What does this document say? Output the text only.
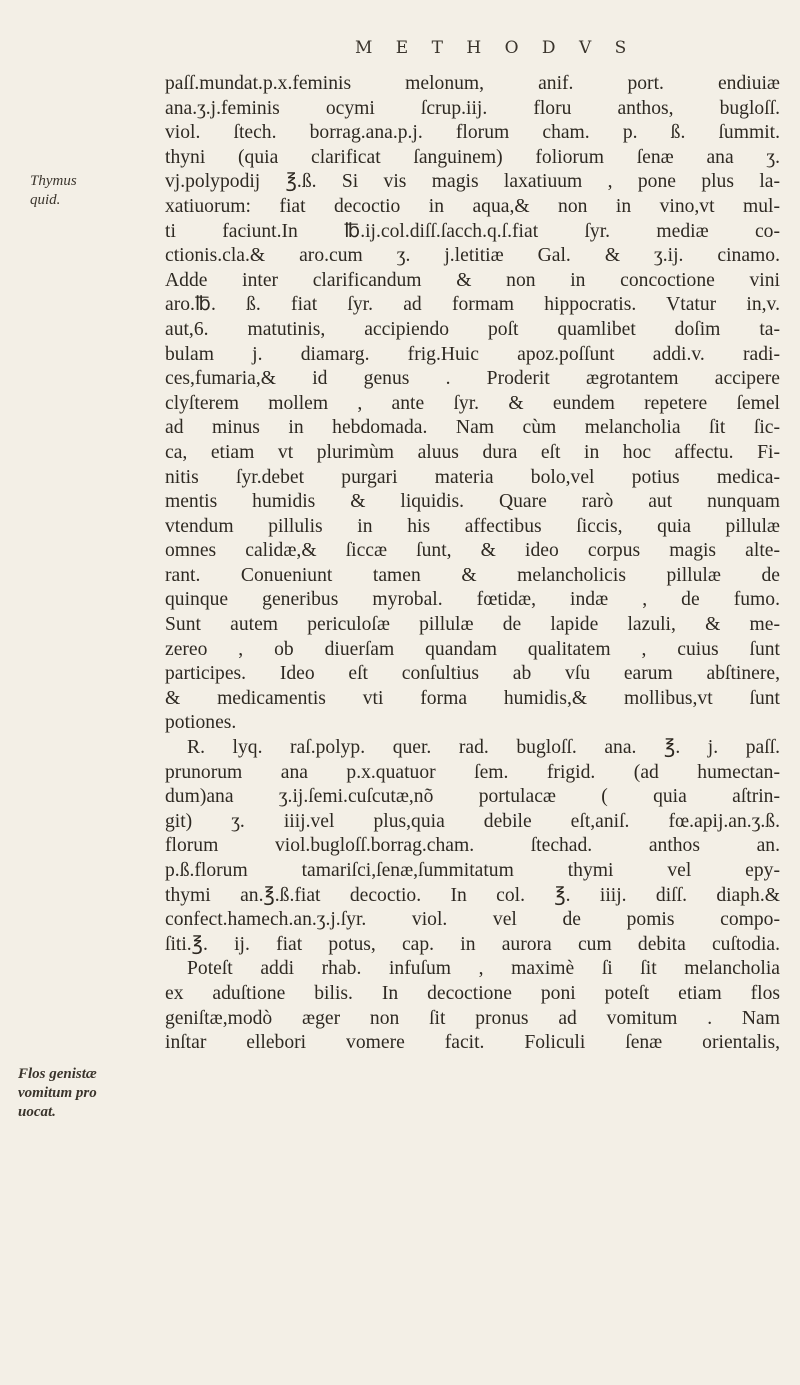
M E T H O D V S
Thymus
quid.
Flos genistæ
vomitum pro
uocat.
paſſ.mundat.p.x.feminis melonum, anif. port. endiuiæ
ana.ʒ.j.feminis ocymi ſcrup.iij. floru anthos, bugloſſ.
viol. ſtech. borrag.ana.p.j. florum cham. p. ß. ſummit.
thyni (quia clarificat ſanguinem) foliorum ſenæ ana ʒ.
vj.polypodij ℥.ß. Si vis magis laxatiuum , pone plus la-
xatiuorum: fiat decoctio in aqua,& non in vino,vt mul-
ti faciunt.In ℔.ij.col.diſſ.ſacch.q.ſ.fiat ſyr. mediæ co-
ctionis.cla.& aro.cum ʒ. j.letitiæ Gal. & ʒ.ij. cinamo.
Adde inter clarificandum & non in concoctione vini
aro.℔. ß. fiat ſyr. ad formam hippocratis. Vtatur in,v.
aut,6. matutinis, accipiendo poſt quamlibet doſim ta-
bulam j. diamarg. frig.Huic apoz.poſſunt addi.v. radi-
ces,fumaria,& id genus . Proderit ægrotantem accipere
clyſterem mollem , ante ſyr. & eundem repetere ſemel
ad minus in hebdomada. Nam cùm melancholia ſit ſic-
ca, etiam vt plurimùm aluus dura eſt in hoc affectu. Fi-
nitis ſyr.debet purgari materia bolo,vel potius medica-
mentis humidis & liquidis. Quare rarò aut nunquam
vtendum pillulis in his affectibus ſiccis, quia pillulæ
omnes calidæ,& ſiccæ ſunt, & ideo corpus magis alte-
rant. Conueniunt tamen & melancholicis pillulæ de
quinque generibus myrobal. fœtidæ, indæ , de fumo.
Sunt autem periculoſæ pillulæ de lapide lazuli, & me-
zereo , ob diuerſam quandam qualitatem , cuius ſunt
participes. Ideo eſt conſultius ab vſu earum abſtinere,
& medicamentis vti forma humidis,& mollibus,vt ſunt
potiones.
R. lyq. raſ.polyp. quer. rad. bugloſſ. ana. ℥. j. paſſ.
prunorum ana p.x.quatuor ſem. frigid. (ad humectan-
dum)ana ʒ.ij.ſemi.cuſcutæ,nõ portulacæ ( quia aſtrin-
git) ʒ. iiij.vel plus,quia debile eſt,aniſ. fœ.apij.an.ʒ.ß.
florum viol.bugloſſ.borrag.cham. ſtechad. anthos an.
p.ß.florum tamariſci,ſenæ,ſummitatum thymi vel epy-
thymi an.℥.ß.fiat decoctio. In col. ℥. iiij. diſſ. diaph.&
confect.hamech.an.ʒ.j.ſyr. viol. vel de pomis compo-
ſiti.℥. ij. fiat potus, cap. in aurora cum debita cuſtodia.
Poteſt addi rhab. infuſum , maximè ſi ſit melancholia
ex aduſtione bilis. In decoctione poni poteſt etiam flos
geniſtæ,modò æger non ſit pronus ad vomitum . Nam
inſtar ellebori vomere facit. Foliculi ſenæ orientalis,
